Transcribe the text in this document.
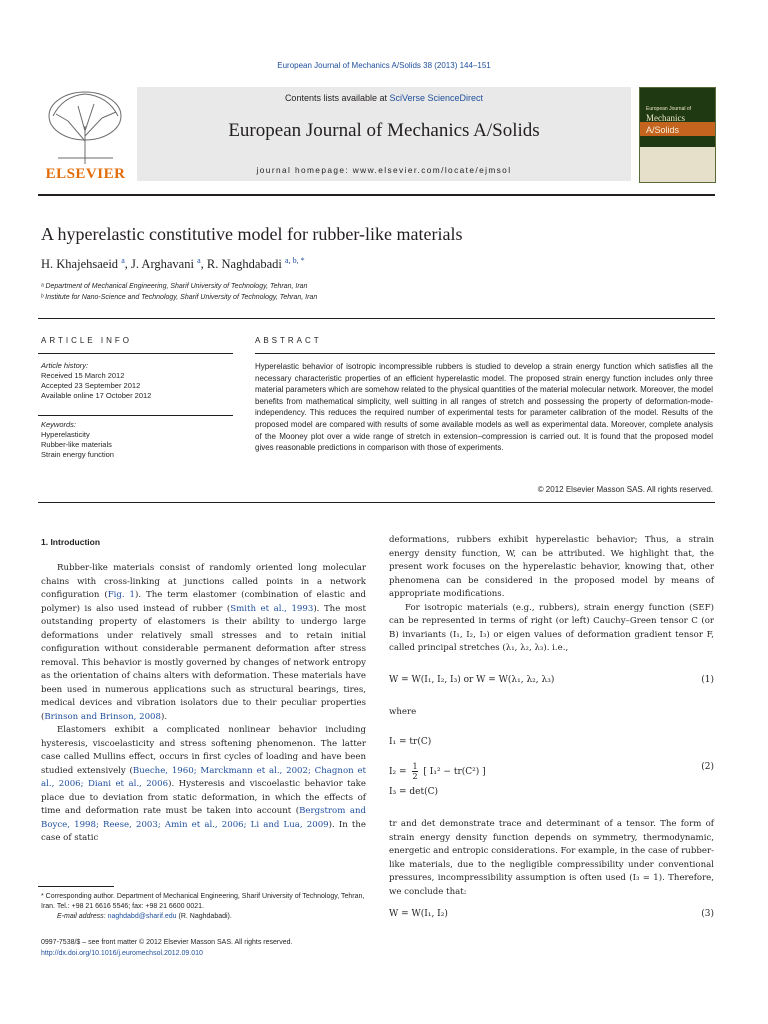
European Journal of Mechanics A/Solids 38 (2013) 144–151
ELSEVIER
Contents lists available at SciVerse ScienceDirect
European Journal of Mechanics A/Solids
journal homepage: www.elsevier.com/locate/ejmsol
European Journal of
Mechanics
A/Solids
A hyperelastic constitutive model for rubber-like materials
H. Khajehsaeid $^a$, J. Arghavani $^a$, R. Naghdabadi $^{a, b, *}$
ᵃ Department of Mechanical Engineering, Sharif University of Technology, Tehran, Iran
ᵇ Institute for Nano-Science and Technology, Sharif University of Technology, Tehran, Iran
ARTICLE INFO
Article history:
Received 15 March 2012
Accepted 23 September 2012
Available online 17 October 2012
Keywords:
Hyperelasticity
Rubber-like materials
Strain energy function
ABSTRACT
Hyperelastic behavior of isotropic incompressible rubbers is studied to develop a strain energy function which satisfies all the necessary characteristic properties of an efficient hyperelastic model. The proposed strain energy function includes only three material parameters which are somehow related to the physical quantities of the material molecular network. Moreover, the model benefits from mathematical simplicity, well suitting in all ranges of stretch and possessing the property of deformation-mode-independency. This reduces the required number of experimental tests for parameter calibration of the model. Results of the proposed model are compared with results of some available models as well as experimental data. Moreover, complete analysis of the Mooney plot over a wide range of stretch in extension–compression is carried out. It is found that the proposed model gives reasonable predictions in comparison with those of experiments.
© 2012 Elsevier Masson SAS. All rights reserved.
1. Introduction

Rubber-like materials consist of randomly oriented long molecular chains with cross-linking at junctions called points in a network configuration (Fig. 1). The term elastomer (combination of elastic and polymer) is also used instead of rubber (Smith et al., 1993). The most outstanding property of elastomers is their ability to undergo large deformations under relatively small stresses and to retain initial configuration without considerable permanent deformation after stress removal. This behavior is mostly governed by changes of network entropy as the orientation of chains alters with deformation. These materials have been used in numerous applications such as structural bearings, tires, medical devices and vibration isolators due to their peculiar properties (Brinson and Brinson, 2008).

Elastomers exhibit a complicated nonlinear behavior including hysteresis, viscoelasticity and stress softening phenomenon. The latter case called Mullins effect, occurs in first cycles of loading and have been studied extensively (Bueche, 1960; Marckmann et al., 2002; Chagnon et al., 2006; Diani et al., 2006). Hysteresis and viscoelastic behavior take place due to deviation from static deformation, in which the effects of time and deformation rate must be taken into account (Bergstrom and Boyce, 1998; Reese, 2003; Amin et al., 2006; Li and Lua, 2009). In the case of static

* Corresponding author. Department of Mechanical Engineering, Sharif University of Technology, Tehran, Iran. Tel.: +98 21 6616 5546; fax: +98 21 6600 0021.
E-mail address: naghdabd@sharif.edu (R. Naghdabadi).
0997-7538/$ – see front matter © 2012 Elsevier Masson SAS. All rights reserved.
http://dx.doi.org/10.1016/j.euromechsol.2012.09.010

deformations, rubbers exhibit hyperelastic behavior; Thus, a strain energy density function, W, can be attributed. We highlight that, the present work focuses on the hyperelastic behavior, knowing that, other phenomena can be considered in the proposed model by means of appropriate modifications.

For isotropic materials (e.g., rubbers), strain energy function (SEF) can be represented in terms of right (or left) Cauchy–Green tensor C (or B) invariants (I₁, I₂, I₃) or eigen values of deformation gradient tensor F, called principal stretches (λ₁, λ₂, λ₃). i.e.,

W = W(I₁, I₂, I₃) or W = W(λ₁, λ₂, λ₃)	(1)
where
I₁ = tr(C)
$I_2 = \frac{1}{2}$ [ I₁² − tr(C²) ]	(2)
I₃ = det(C)
tr and det demonstrate trace and determinant of a tensor. The form of strain energy density function depends on symmetry, thermodynamic, energetic and entropic considerations. For example, in the case of rubber-like materials, due to the negligible compressibility under conventional pressures, incompressibility assumption is often used (I₃ = 1). Therefore, we conclude that:
W = W(I₁, I₂)	(3)
